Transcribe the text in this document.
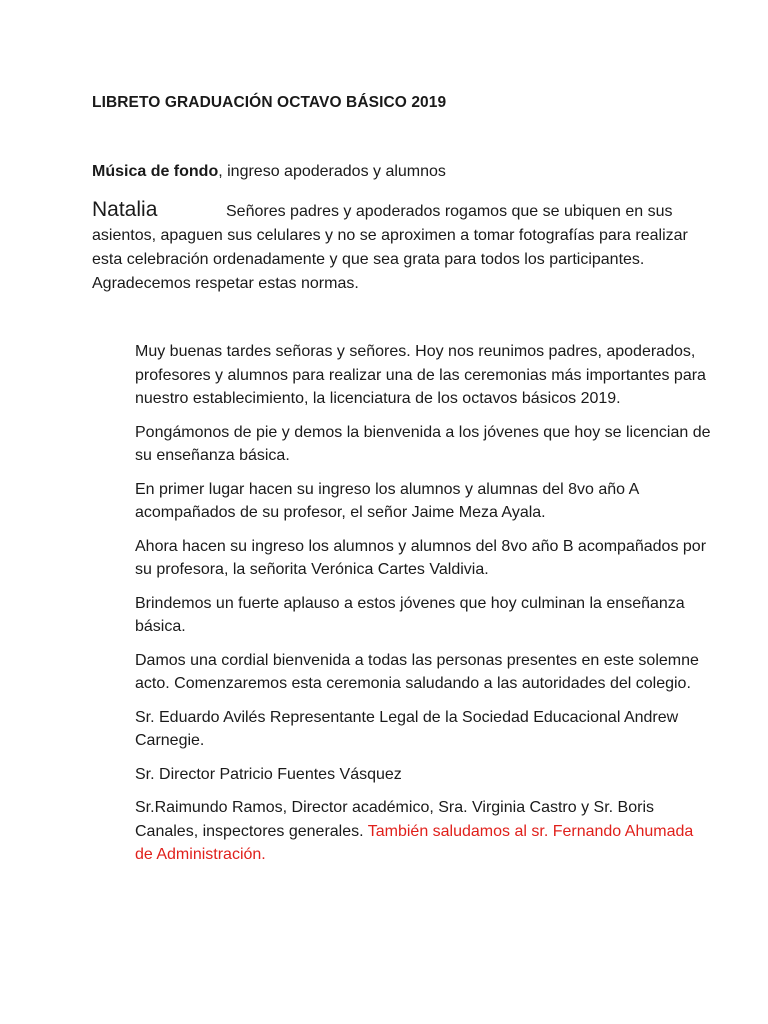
LIBRETO GRADUACIÓN OCTAVO BÁSICO 2019
Música de fondo, ingreso apoderados y alumnos
Natalia	Señores padres y apoderados rogamos que se ubiquen en sus asientos, apaguen sus celulares y no se aproximen a tomar fotografías para realizar esta celebración ordenadamente y que sea grata para todos los participantes. Agradecemos respetar estas normas.

Muy buenas tardes señoras y señores. Hoy nos reunimos padres, apoderados, profesores y alumnos para realizar una de las ceremonias más importantes para nuestro establecimiento, la licenciatura de los octavos básicos 2019.

Pongámonos de pie y demos la bienvenida a los jóvenes que hoy se licencian de su enseñanza básica.

En primer lugar hacen su ingreso los alumnos y alumnas del 8vo año A acompañados de su profesor, el señor Jaime Meza Ayala.

Ahora hacen su ingreso los alumnos y alumnos del 8vo año B acompañados por su profesora, la señorita Verónica Cartes Valdivia.

Brindemos un fuerte aplauso a estos jóvenes que hoy culminan la enseñanza básica.

Damos una cordial bienvenida a todas las personas presentes en este solemne acto. Comenzaremos esta ceremonia saludando a las autoridades del colegio.

Sr. Eduardo Avilés Representante Legal de la Sociedad Educacional Andrew Carnegie.

Sr. Director Patricio Fuentes Vásquez

Sr.Raimundo Ramos, Director académico, Sra. Virginia Castro y Sr. Boris Canales, inspectores generales. También saludamos al sr. Fernando Ahumada de Administración.
